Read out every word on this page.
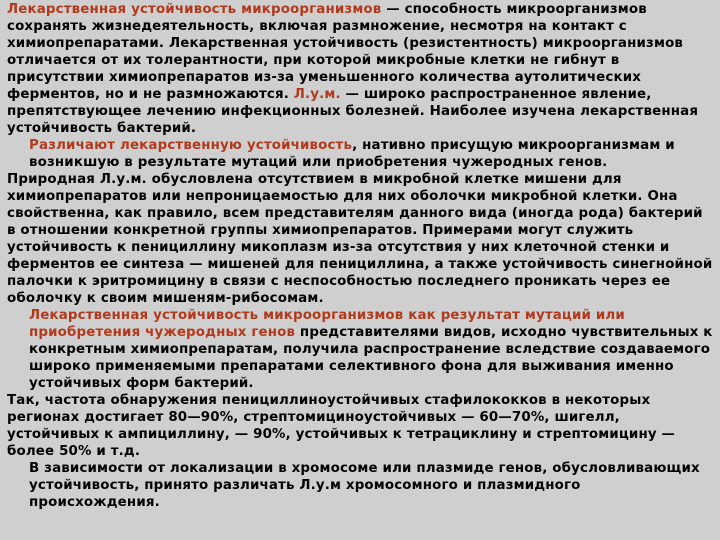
Лекарственная устойчивость микроорганизмов — способность микроорганизмов сохранять жизнедеятельность, включая размножение, несмотря на контакт с химиопрепаратами. Лекарственная устойчивость (резистентность) микроорганизмов отличается от их толерантности, при которой микробные клетки не гибнут в присутствии химиопрепаратов из-за уменьшенного количества аутолитических ферментов, но и не размножаются. Л.у.м. — широко распространенное явление, препятствующее лечению инфекционных болезней. Наиболее изучена лекарственная устойчивость бактерий.

Различают лекарственную устойчивость, нативно присущую микроорганизмам и возникшую в результате мутаций или приобретения чужеродных генов.

Природная Л.у.м. обусловлена отсутствием в микробной клетке мишени для химиопрепаратов или непроницаемостью для них оболочки микробной клетки. Она свойственна, как правило, всем представителям данного вида (иногда рода) бактерий в отношении конкретной группы химиопрепаратов. Примерами могут служить устойчивость к пенициллину микоплазм из-за отсутствия у них клеточной стенки и ферментов ее синтеза — мишеней для пенициллина, а также устойчивость синегнойной палочки к эритромицину в связи с неспособностью последнего проникать через ее оболочку к своим мишеням-рибосомам.

Лекарственная устойчивость микроорганизмов как результат мутаций или приобретения чужеродных генов представителями видов, исходно чувствительных к конкретным химиопрепаратам, получила распространение вследствие создаваемого широко применяемыми препаратами селективного фона для выживания именно устойчивых форм бактерий.

Так, частота обнаружения пенициллиноустойчивых стафилококков в некоторых регионах достигает 80—90%, стрептомициноустойчивых — 60—70%, шигелл, устойчивых к ампициллину, — 90%, устойчивых к тетрациклину и стрептомицину — более 50% и т.д.

В зависимости от локализации в хромосоме или плазмиде генов, обусловливающих устойчивость, принято различать Л.у.м хромосомного и плазмидного происхождения.
